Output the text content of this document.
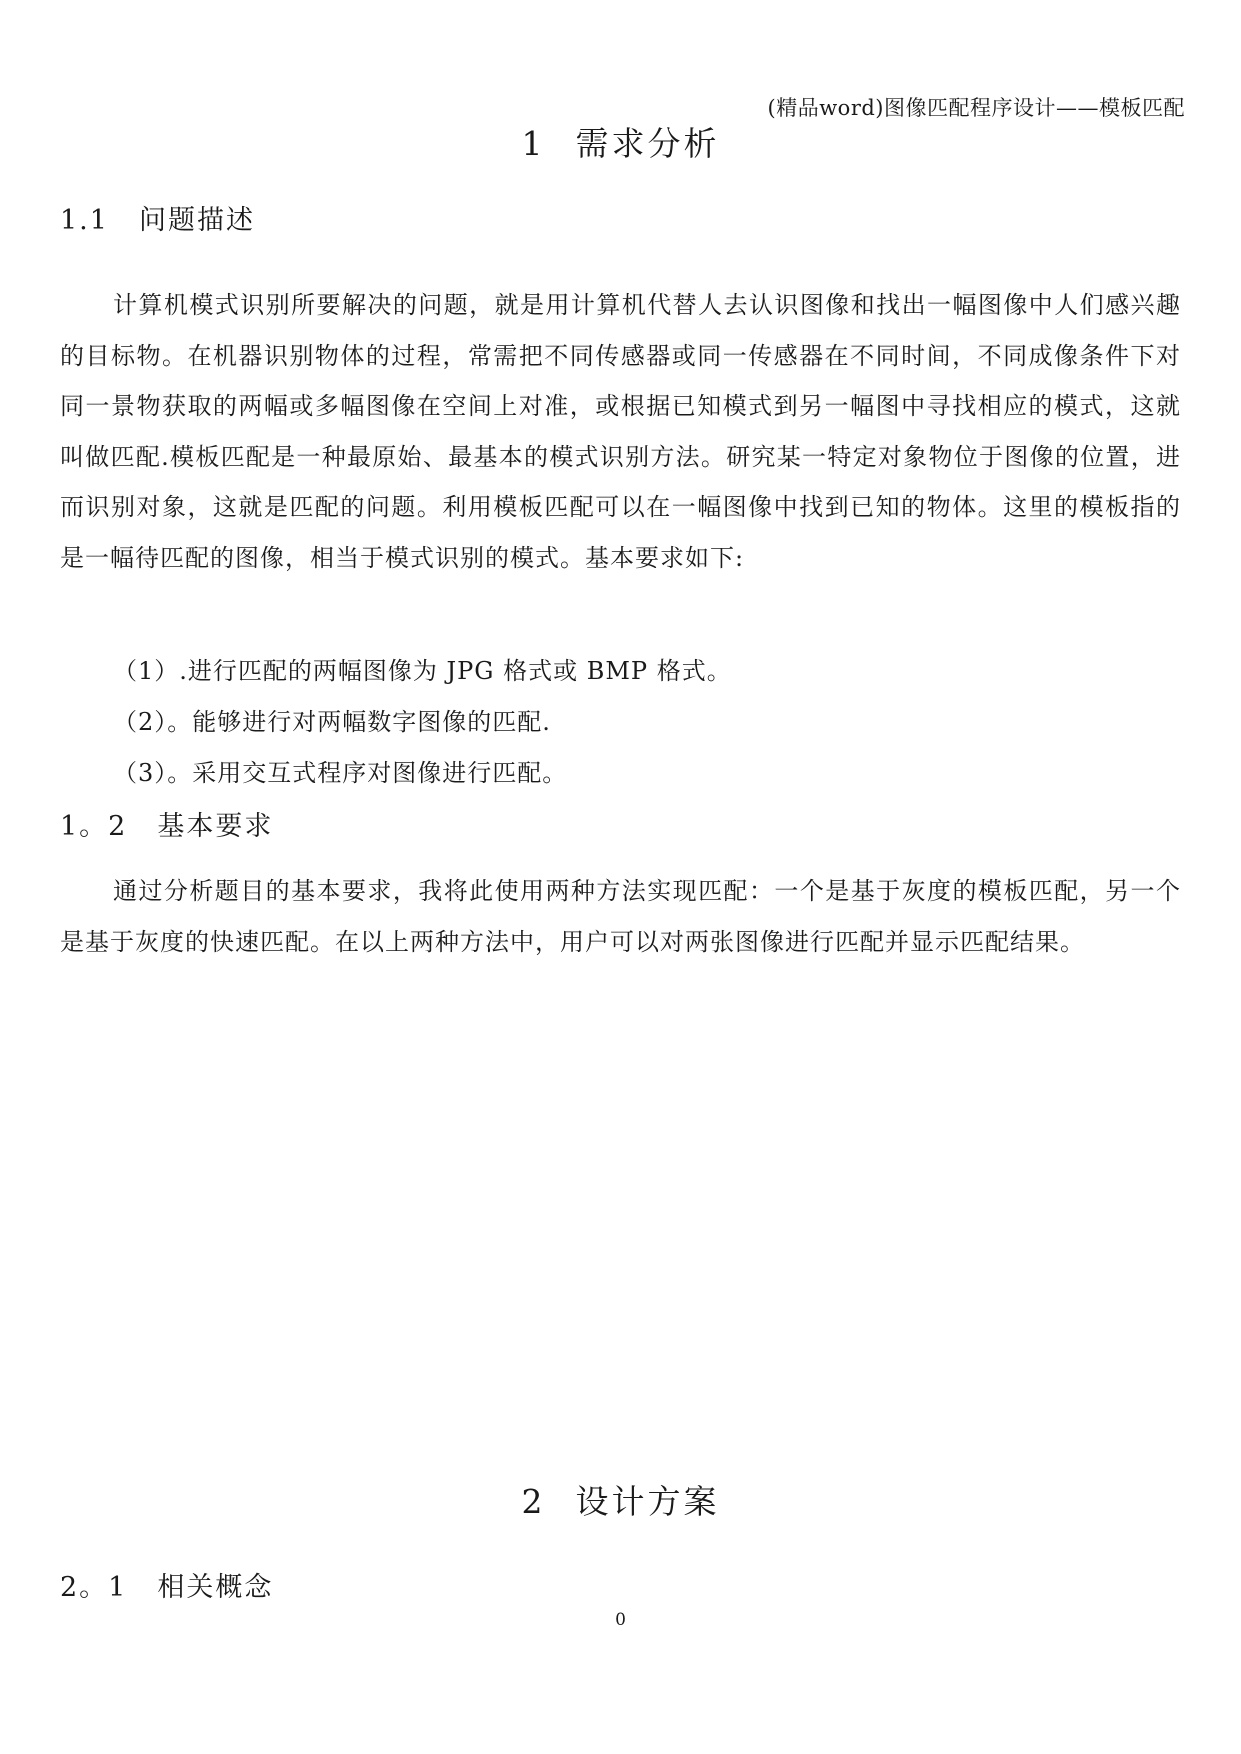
(精品word)图像匹配程序设计——模板匹配
1 需求分析
1.1 问题描述

计算机模式识别所要解决的问题，就是用计算机代替人去认识图像和找出一幅图像中人们感兴趣的目标物。在机器识别物体的过程，常需把不同传感器或同一传感器在不同时间，不同成像条件下对同一景物获取的两幅或多幅图像在空间上对准，或根据已知模式到另一幅图中寻找相应的模式，这就叫做匹配.模板匹配是一种最原始、最基本的模式识别方法。研究某一特定对象物位于图像的位置，进而识别对象，这就是匹配的问题。利用模板匹配可以在一幅图像中找到已知的物体。这里的模板指的是一幅待匹配的图像，相当于模式识别的模式。基本要求如下:

（1）.进行匹配的两幅图像为 JPG 格式或 BMP 格式。
（2）。能够进行对两幅数字图像的匹配.
（3）。采用交互式程序对图像进行匹配。
1。2 基本要求

通过分析题目的基本要求，我将此使用两种方法实现匹配：一个是基于灰度的模板匹配，另一个是基于灰度的快速匹配。在以上两种方法中，用户可以对两张图像进行匹配并显示匹配结果。

2 设计方案
2。1 相关概念
0
